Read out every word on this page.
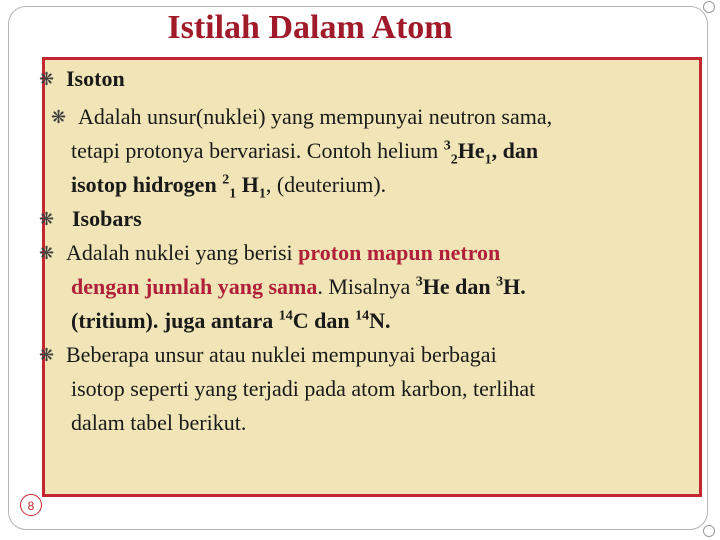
Istilah Dalam Atom
❋ Isoton
❋ Adalah unsur(nuklei) yang mempunyai neutron sama,
tetapi protonya bervariasi. Contoh helium $^3_2He_1$, dan
isotop hidrogen $^2_1$ $H_1$, (deuterium).
❋ Isobars
❋ Adalah nuklei yang berisi proton mapun netron
dengan jumlah yang sama. Misalnya $^3$He dan $^3$H.
(tritium). juga antara $^{14}$C dan $^{14}$N.
❋ Beberapa unsur atau nuklei mempunyai berbagai
isotop seperti yang terjadi pada atom karbon, terlihat
dalam tabel berikut.
8
